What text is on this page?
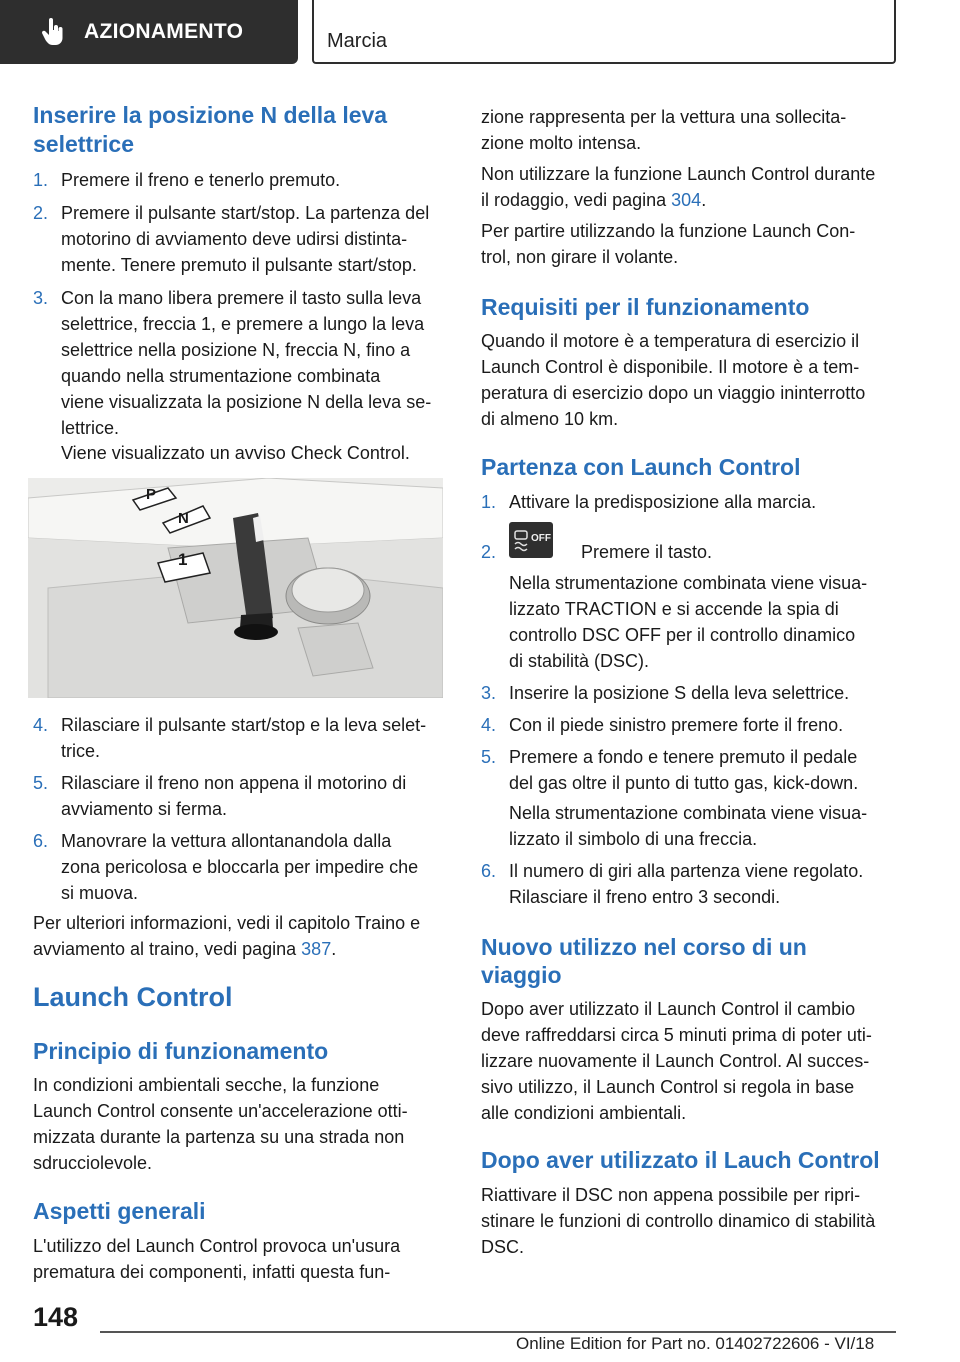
AZIONAMENTO	Marcia
Inserire la posizione N della leva
selettrice
1. Premere il freno e tenerlo premuto.
2. Premere il pulsante start/stop. La partenza del
motorino di avviamento deve udirsi distinta‐
mente. Tenere premuto il pulsante start/stop.
3. Con la mano libera premere il tasto sulla leva
selettrice, freccia 1, e premere a lungo la leva
selettrice nella posizione N, freccia N, fino a
quando nella strumentazione combinata
viene visualizzata la posizione N della leva se‐
lettrice.
Viene visualizzato un avviso Check Control.
P
N
1
4. Rilasciare il pulsante start/stop e la leva selet‐
trice.
5. Rilasciare il freno non appena il motorino di
avviamento si ferma.
6. Manovrare la vettura allontanandola dalla
zona pericolosa e bloccarla per impedire che
si muova.
Per ulteriori informazioni, vedi il capitolo Traino e
avviamento al traino, vedi pagina 387.
Launch Control
Principio di funzionamento
In condizioni ambientali secche, la funzione
Launch Control consente un'accelerazione otti‐
mizzata durante la partenza su una strada non
sdrucciolevole.
Aspetti generali
L'utilizzo del Launch Control provoca un'usura
prematura dei componenti, infatti questa fun‐
zione rappresenta per la vettura una sollecita‐
zione molto intensa.
Non utilizzare la funzione Launch Control durante
il rodaggio, vedi pagina 304.
Per partire utilizzando la funzione Launch Con‐
trol, non girare il volante.
Requisiti per il funzionamento
Quando il motore è a temperatura di esercizio il
Launch Control è disponibile. Il motore è a tem‐
peratura di esercizio dopo un viaggio ininterrotto
di almeno 10 km.
Partenza con Launch Control
1. Attivare la predisposizione alla marcia.
2.
OFF
Premere il tasto.
Nella strumentazione combinata viene visua‐
lizzato TRACTION e si accende la spia di
controllo DSC OFF per il controllo dinamico
di stabilità (DSC).
3. Inserire la posizione S della leva selettrice.
4. Con il piede sinistro premere forte il freno.
5. Premere a fondo e tenere premuto il pedale
del gas oltre il punto di tutto gas, kick-down.
Nella strumentazione combinata viene visua‐
lizzato il simbolo di una freccia.
6. Il numero di giri alla partenza viene regolato.
Rilasciare il freno entro 3 secondi.
Nuovo utilizzo nel corso di un
viaggio
Dopo aver utilizzato il Launch Control il cambio
deve raffreddarsi circa 5 minuti prima di poter uti‐
lizzare nuovamente il Launch Control. Al succes‐
sivo utilizzo, il Launch Control si regola in base
alle condizioni ambientali.
Dopo aver utilizzato il Lauch Control
Riattivare il DSC non appena possibile per ripri‐
stinare le funzioni di controllo dinamico di stabilità
DSC.
148
Online Edition for Part no. 01402722606 - VI/18
